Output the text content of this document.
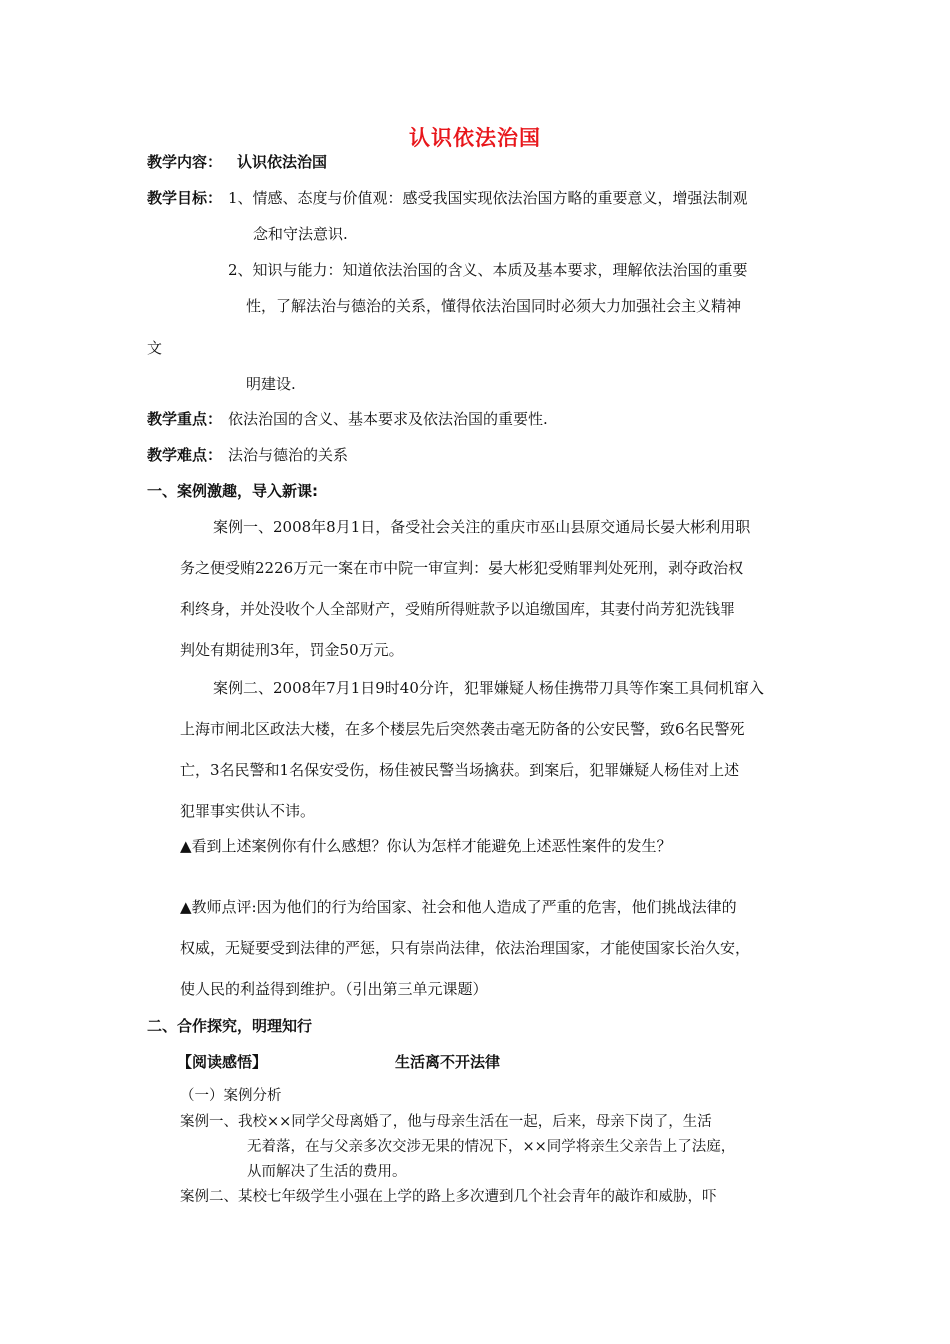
认识依法治国
教学内容： 认识依法治国
教学目标： 1、情感、态度与价值观：感受我国实现依法治国方略的重要意义，增强法制观
念和守法意识.
2、知识与能力：知道依法治国的含义、本质及基本要求，理解依法治国的重要
性，了解法治与德治的关系，懂得依法治国同时必须大力加强社会主义精神
文
明建设.
教学重点： 依法治国的含义、基本要求及依法治国的重要性.
教学难点： 法治与德治的关系
一、案例激趣，导入新课:
案例一、2008年8月1日，备受社会关注的重庆市巫山县原交通局长晏大彬利用职
务之便受贿2226万元一案在市中院一审宣判：晏大彬犯受贿罪判处死刑，剥夺政治权
利终身，并处没收个人全部财产，受贿所得赃款予以追缴国库，其妻付尚芳犯洗钱罪
判处有期徒刑3年，罚金50万元。
案例二、2008年7月1日9时40分许，犯罪嫌疑人杨佳携带刀具等作案工具伺机窜入
上海市闸北区政法大楼，在多个楼层先后突然袭击毫无防备的公安民警，致6名民警死
亡，3名民警和1名保安受伤，杨佳被民警当场擒获。到案后，犯罪嫌疑人杨佳对上述
犯罪事实供认不讳。
▲看到上述案例你有什么感想？你认为怎样才能避免上述恶性案件的发生？
▲教师点评:因为他们的行为给国家、社会和他人造成了严重的危害，他们挑战法律的
权威，无疑要受到法律的严惩，只有崇尚法律，依法治理国家，才能使国家长治久安，
使人民的利益得到维护。（引出第三单元课题）
二、合作探究，明理知行
【阅读感悟】	生活离不开法律
（一）案例分析
案例一、我校××同学父母离婚了，他与母亲生活在一起，后来，母亲下岗了，生活
无着落，在与父亲多次交涉无果的情况下，××同学将亲生父亲告上了法庭，
从而解决了生活的费用。
案例二、某校七年级学生小强在上学的路上多次遭到几个社会青年的敲诈和威胁，吓
